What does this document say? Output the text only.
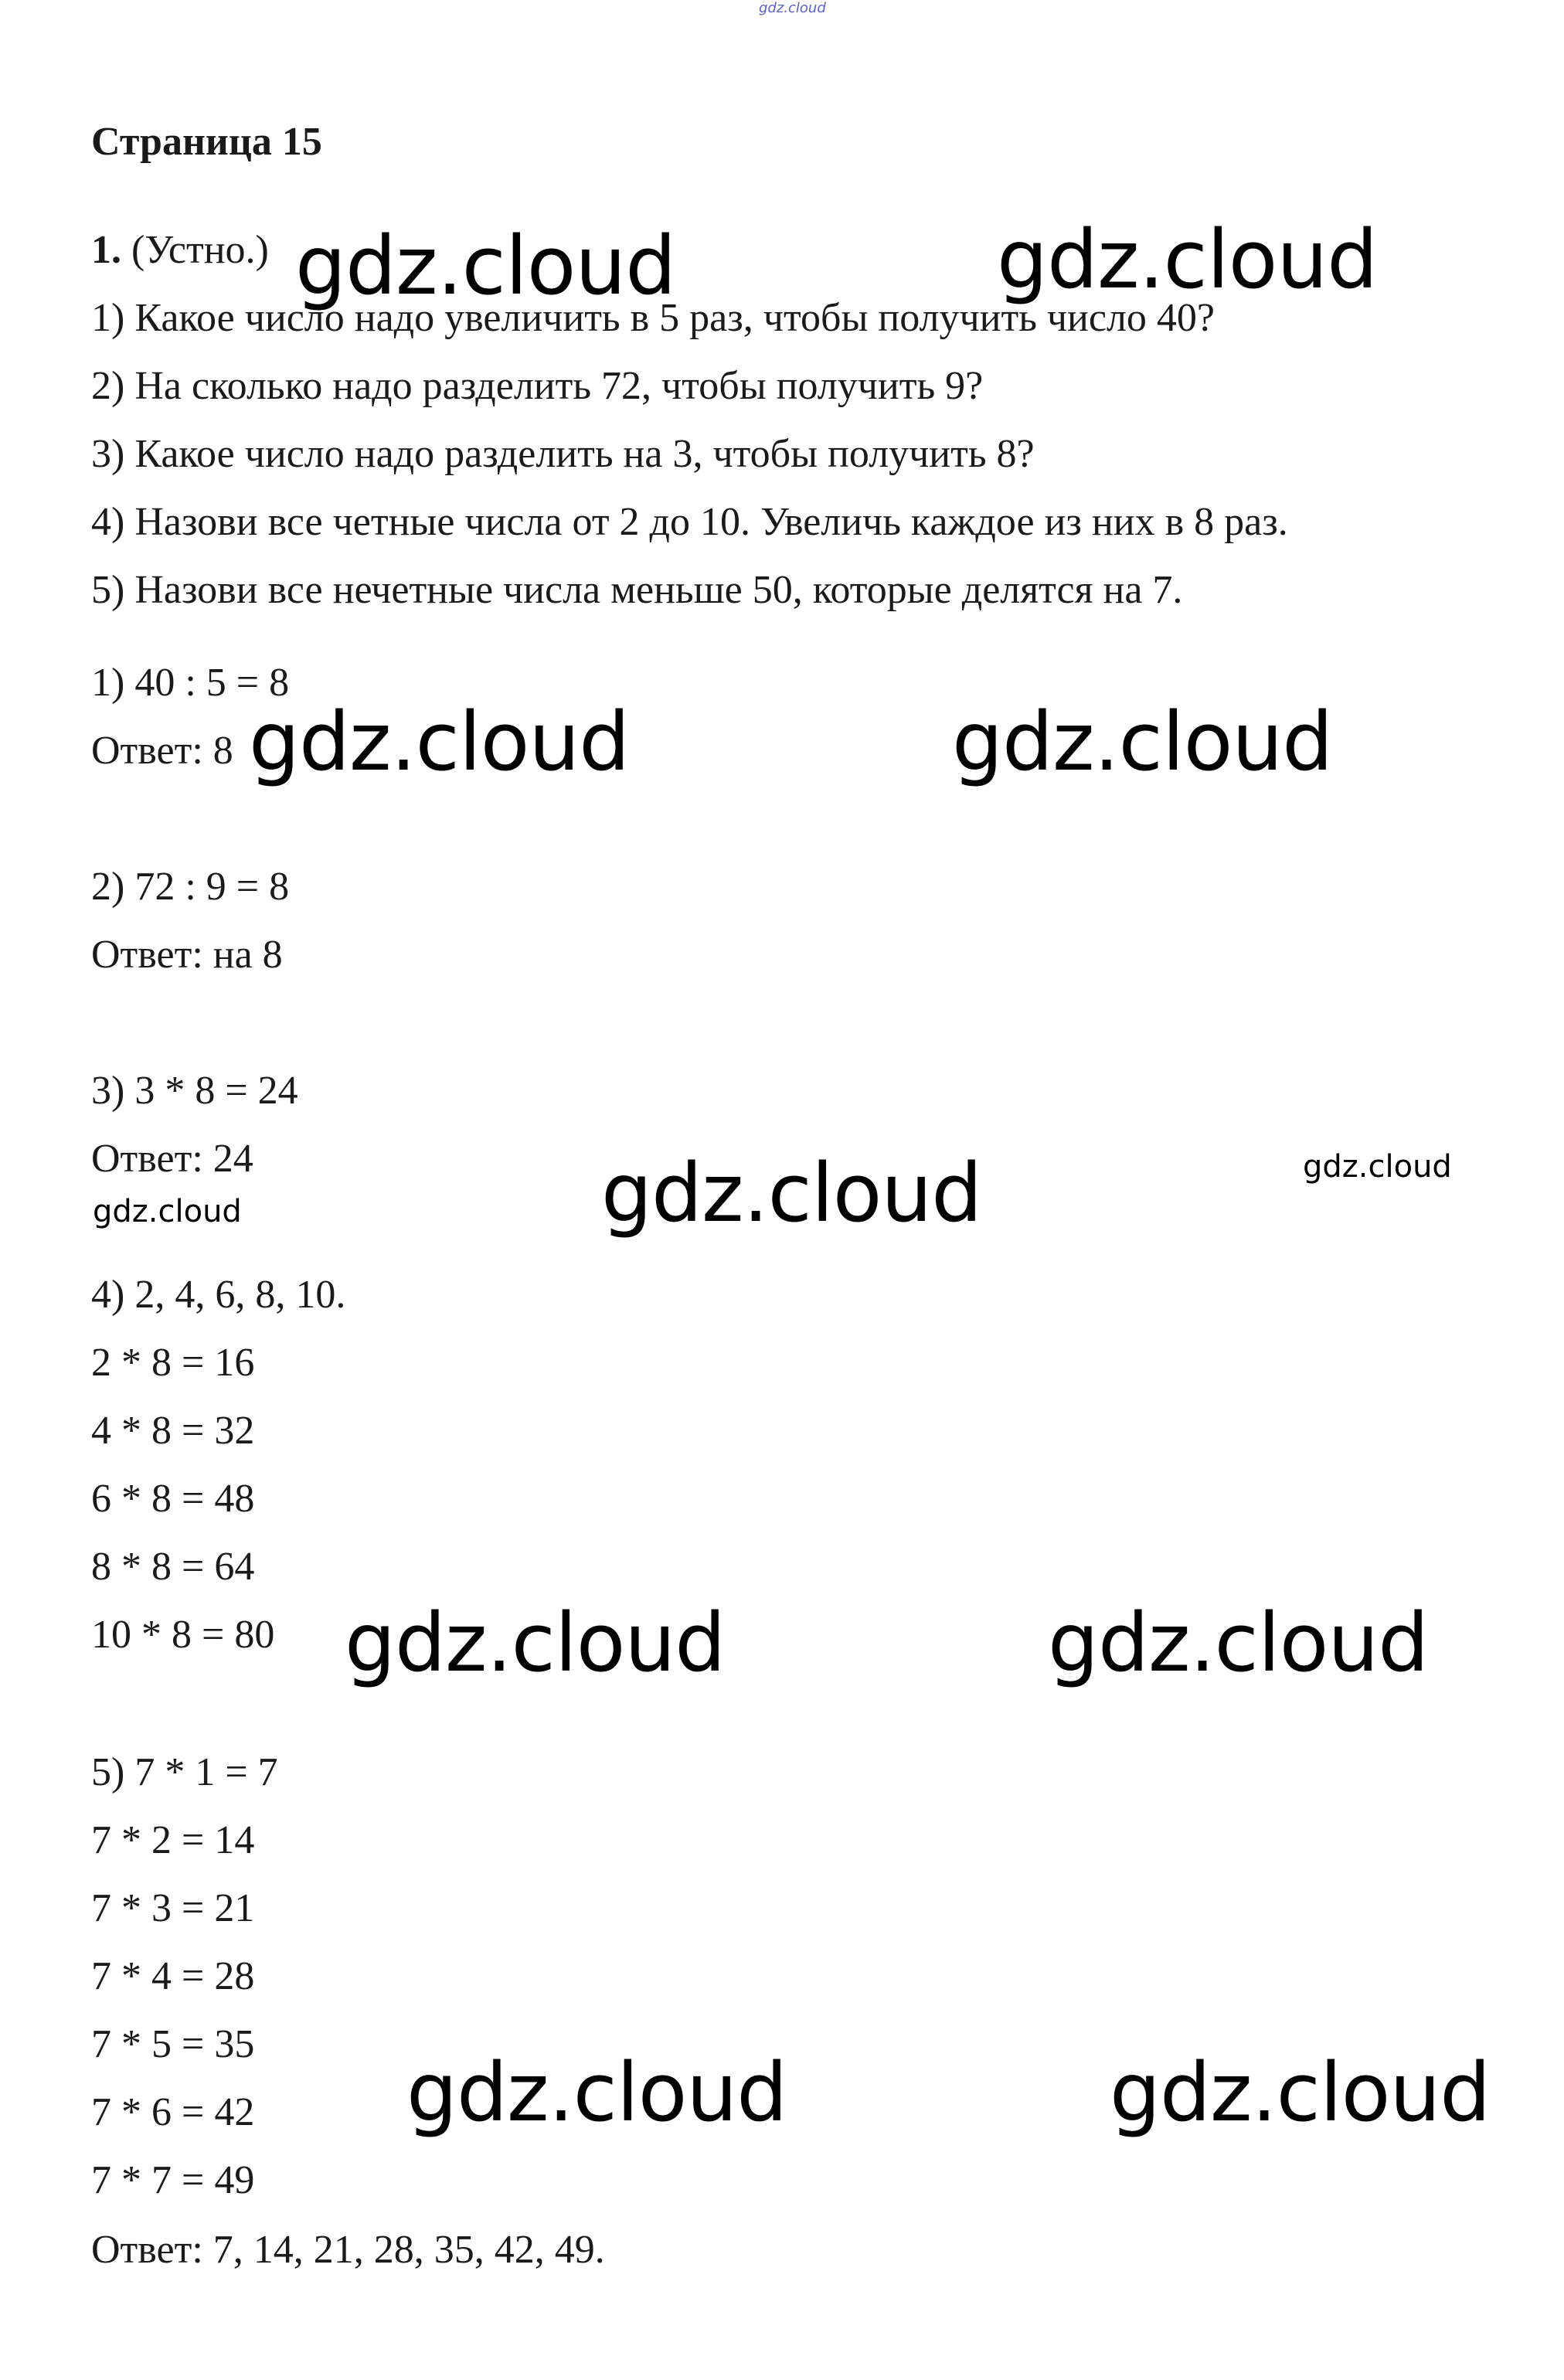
gdz.cloud
Страница 15
1. (Устно.)
1) Какое число надо увеличить в 5 раз, чтобы получить число 40?
2) На сколько надо разделить 72, чтобы получить 9?
3) Какое число надо разделить на 3, чтобы получить 8?
4) Назови все четные числа от 2 до 10. Увеличь каждое из них в 8 раз.
5) Назови все нечетные числа меньше 50, которые делятся на 7.
1) 40 : 5 = 8
Ответ: 8
2) 72 : 9 = 8
Ответ: на 8
3) 3 * 8 = 24
Ответ: 24
4) 2, 4, 6, 8, 10.
2 * 8 = 16
4 * 8 = 32
6 * 8 = 48
8 * 8 = 64
10 * 8 = 80
5) 7 * 1 = 7
7 * 2 = 14
7 * 3 = 21
7 * 4 = 28
7 * 5 = 35
7 * 6 = 42
7 * 7 = 49
Ответ: 7, 14, 21, 28, 35, 42, 49.
gdz.cloud	gdz.cloud
gdz.cloud	gdz.cloud
gdz.cloud	gdz.cloud
gdz.cloud
gdz.cloud	gdz.cloud
gdz.cloud	gdz.cloud
